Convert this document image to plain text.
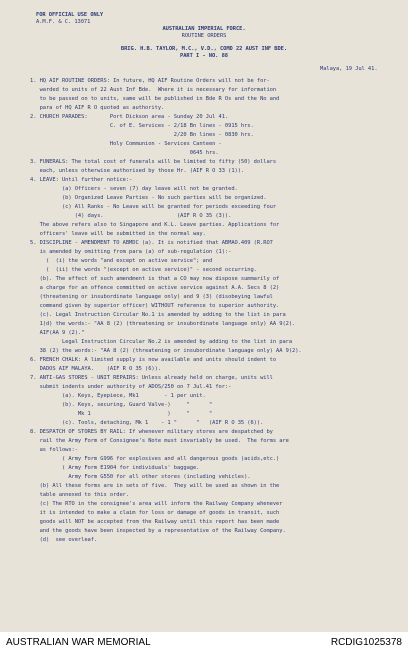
FOR OFFICIAL USE ONLY
A.M.F. & C. 13071
AUSTRALIAN IMPERIAL FORCE.
ROUTINE ORDERS
BRIG. H.B. TAYLOR, M.C., V.D., COMD 22 AUST INF BDE.
PART I - NO. 88
Malaya, 19 Jul 41.
1. HQ AIF ROUTINE ORDERS: In future, HQ AIF Routine Orders will not be for-
warded to units of 22 Aust Inf Bde.  Where it is necessary for information
to be passed on to units, same will be published in Bde R Os and the No and
para of HQ AIF R O quoted as authority.
2. CHURCH PARADES:       Port Dickson area - Sunday 20 Jul 41.
C. of E. Services - 2/18 Bn lines - 0915 hrs.
2/20 Bn lines - 0830 hrs.
Holy Communion - Services Canteen -
0645 hrs.
3. FUNERALS: The total cost of funerals will be limited to fifty (50) dollars
each, unless otherwise authorised by those Hr. (AIF R O 33 (1)).
4. LEAVE: Until further notice:-
(a) Officers - seven (7) day leave will not be granted.
(b) Organized Leave Parties - No such parties will be organized.
(c) All Ranks - No Leave will be granted for periods exceeding four
(4) days.                       (AIF R O 35 (3)).
The above refers also to Singapore and K.L. Leave parties. Applications for
officers' leave will be submitted in the normal way.
5. DISCIPLINE - AMENDMENT TO ABMDC (a). It is notified that ABMAO.409 (R.RO7
is amended by omitting from para (a) of sub-regulation (1):-
(  (i) the words "and except on active service"; and
(  (ii) the words "(except on active service)" - second occurring.
(b). The effect of such amendment is that a CO may now dispose summarily of
a charge for an offence committed on active service against A.A. Secs 8 (2)
(threatening or insubordinate language only) and 9 (3) (disobeying lawful
command given by superior officer) WITHOUT reference to superior authority.
(c). Legal Instruction Circular No.1 is amended by adding to the list in para
1(d) the words:- "AA 8 (2) (threatening or insubordinate language only) AA 9(2).
AIF(AA 9 (2)."
Legal Instruction Circular No.2 is amended by adding to the list in para
38 (2) the words:- "AA 8 (2) (threatening or insubordinate language only) AA 9(2).
6. FRENCH CHALK: A limited supply is now available and units should indent to
DADOS AIF MALAYA.    (AIF R O 35 (6)).
7. ANTI-GAS STORES - UNIT REPAIRS: Unless already held on charge, units will
submit indents under authority of ADOS/250 on 7 Jul.41 for:-
(a). Keys, Eyepiece, Mk1        - 1 per unit.
(b). Keys, securing, Guard Valve-)     "      "
Mk 1                        )     "      "
(c). Tools, detaching, Mk 1    - 1 "      "   (AIF R O 35 (6)).
8. DESPATCH OF STORES BY RAIL: If whenever military stores are despatched by
rail the Army Form of Consignee's Note must invariably be used.  The forms are
as follows:-
( Army Form G996 for explosives and all dangerous goods (acids,etc.)
( Army Form E1904 for individuals' baggage.
Army Form G550 for all other stores (including vehicles).
(b) All these forms are in sets of five.  They will be used as shown in the
table annexed to this order.
(c) The RTO in the consignee's area will inform the Railway Company whenever
it is intended to make a claim for loss or damage of goods in transit, such
goods will NOT be accepted from the Railway until this report has been made
and the goods have been inspected by a representative of the Railway Company.
(d)  see overleaf.
AUSTRALIAN WAR MEMORIAL	RCDIG1025378
